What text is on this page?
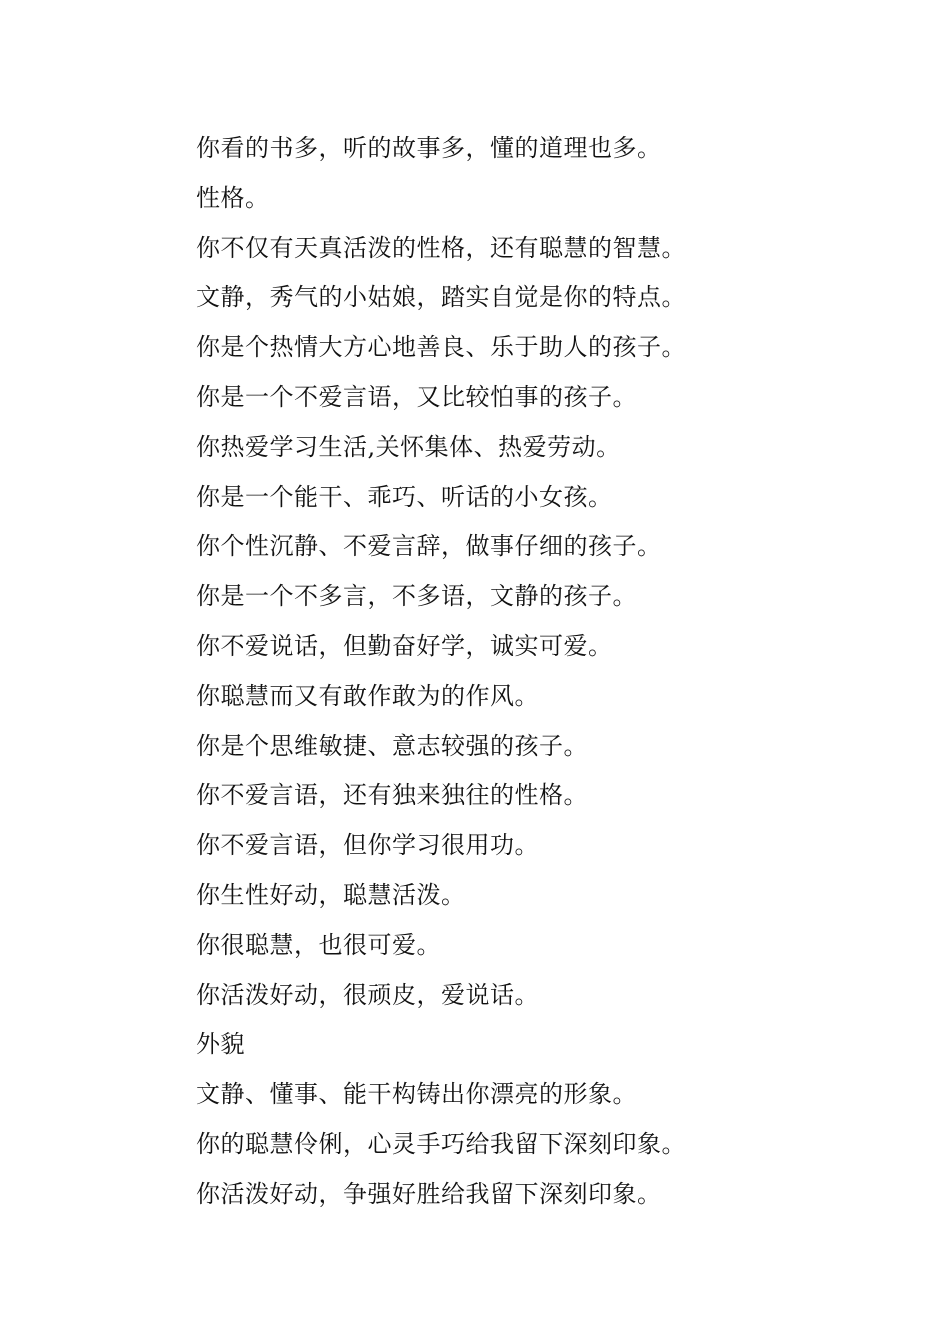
你看的书多，听的故事多，懂的道理也多。
性格。
你不仅有天真活泼的性格，还有聪慧的智慧。
文静，秀气的小姑娘，踏实自觉是你的特点。
你是个热情大方心地善良、乐于助人的孩子。
你是一个不爱言语，又比较怕事的孩子。
你热爱学习生活,关怀集体、热爱劳动。
你是一个能干、乖巧、听话的小女孩。
你个性沉静、不爱言辞，做事仔细的孩子。
你是一个不多言，不多语，文静的孩子。
你不爱说话，但勤奋好学，诚实可爱。
你聪慧而又有敢作敢为的作风。
你是个思维敏捷、意志较强的孩子。
你不爱言语，还有独来独往的性格。
你不爱言语，但你学习很用功。
你生性好动，聪慧活泼。
你很聪慧，也很可爱。
你活泼好动，很顽皮，爱说话。
外貌
文静、懂事、能干构铸出你漂亮的形象。
你的聪慧伶俐，心灵手巧给我留下深刻印象。
你活泼好动，争强好胜给我留下深刻印象。
